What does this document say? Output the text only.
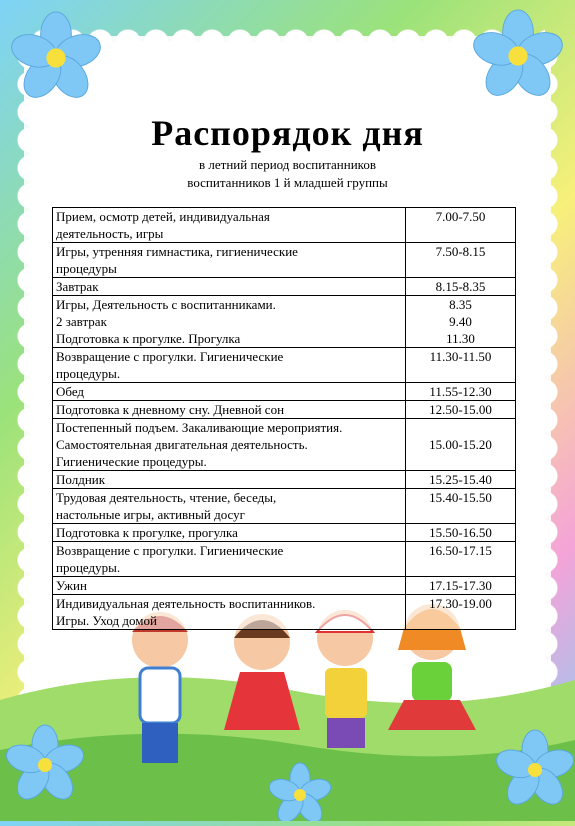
Распорядок дня
в летний период воспитанников
воспитанников 1 й младшей группы
Прием, осмотр детей, индивидуальная
деятельность, игры	7.00-7.50

Игры, утренняя гимнастика, гигиенические
процедуры	7.50-8.15

Завтрак	8.15-8.35

Игры, Деятельность с воспитанниками.
2 завтрак
Подготовка к прогулке. Прогулка	8.35
9.40
11.30

Возвращение с прогулки. Гигиенические
процедуры.	11.30-11.50

Обед	11.55-12.30

Подготовка к дневному сну. Дневной сон	12.50-15.00

Постепенный подъем. Закаливающие мероприятия.
Самостоятельная двигательная деятельность.
Гигиенические процедуры.	15.00-15.20

Полдник	15.25-15.40

Трудовая деятельность, чтение, беседы,
настольные игры, активный досуг	15.40-15.50

Подготовка к прогулке, прогулка	15.50-16.50

Возвращение с прогулки. Гигиенические
процедуры.	16.50-17.15

Ужин	17.15-17.30

Индивидуальная деятельность воспитанников.
Игры. Уход домой	17.30-19.00
